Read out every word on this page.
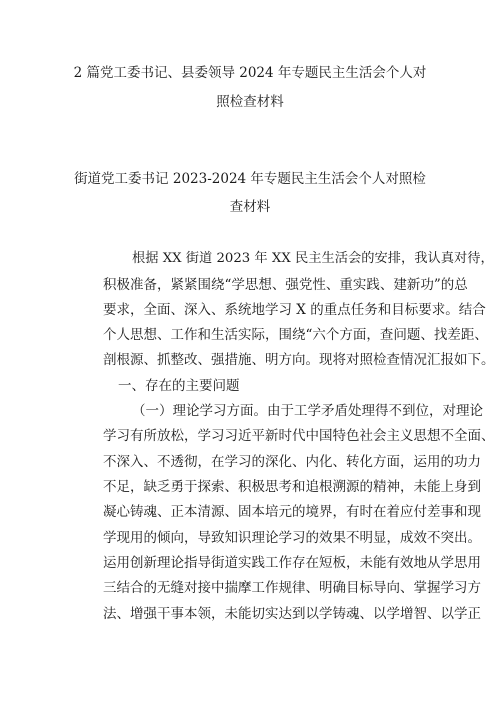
2 篇党工委书记、县委领导 2024 年专题民主生活会个人对
照检查材料
街道党工委书记 2023-2024 年专题民主生活会个人对照检
查材料
根据 XX 街道 2023 年 XX 民主生活会的安排，我认真对待，
积极准备，紧紧围绕“学思想、强党性、重实践、建新功”的总
要求，全面、深入、系统地学习 X 的重点任务和目标要求。结合
个人思想、工作和生活实际，围绕“六个方面，查问题、找差距、
剖根源、抓整改、强措施、明方向。现将对照检查情况汇报如下。
一、存在的主要问题
（一）理论学习方面。由于工学矛盾处理得不到位，对理论
学习有所放松，学习习近平新时代中国特色社会主义思想不全面、
不深入、不透彻，在学习的深化、内化、转化方面，运用的功力
不足，缺乏勇于探索、积极思考和追根溯源的精神，未能上身到
凝心铸魂、正本清源、固本培元的境界，有时在着应付差事和现
学现用的倾向，导致知识理论学习的效果不明显，成效不突出。
运用创新理论指导街道实践工作存在短板，未能有效地从学思用
三结合的无缝对接中揣摩工作规律、明确目标导向、掌握学习方
法、增强干事本领，未能切实达到以学铸魂、以学增智、以学正
